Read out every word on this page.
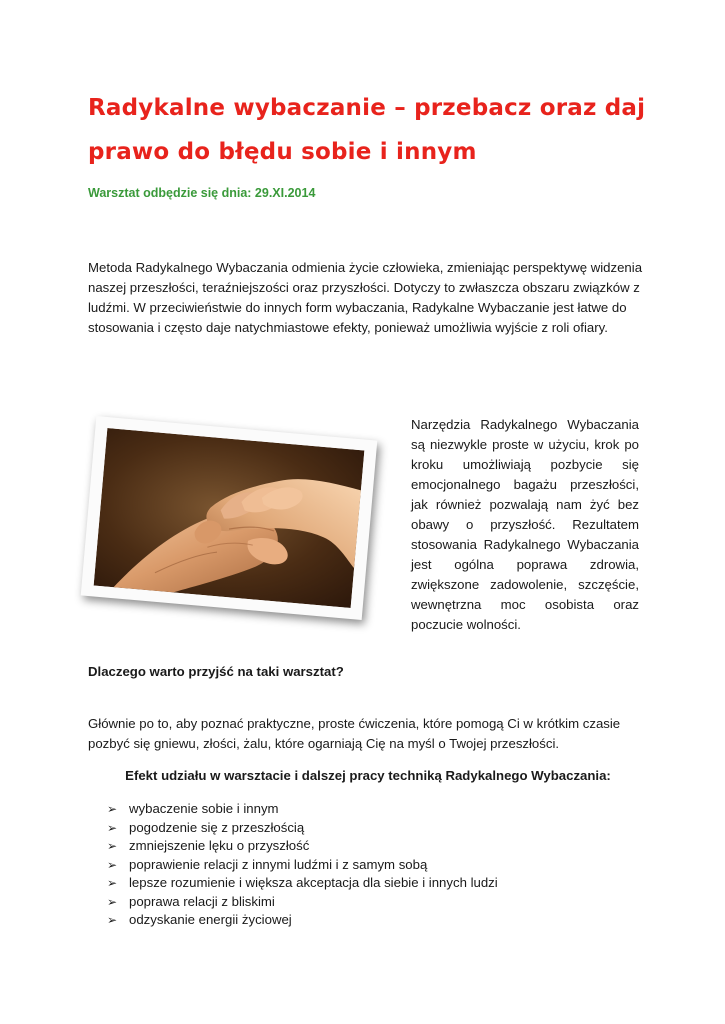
Radykalne wybaczanie – przebacz oraz daj prawo do błędu sobie i innym
Warsztat odbędzie się dnia: 29.XI.2014

Metoda Radykalnego Wybaczania odmienia życie człowieka, zmieniając perspektywę widzenia naszej przeszłości, teraźniejszości oraz przyszłości. Dotyczy to zwłaszcza obszaru związków z ludźmi. W przeciwieństwie do innych form wybaczania, Radykalne Wybaczanie jest łatwe do stosowania i często daje natychmiastowe efekty, ponieważ umożliwia wyjście z roli ofiary.

Narzędzia Radykalnego Wybaczania są niezwykle proste w użyciu, krok po kroku umożliwiają pozbycie się emocjonalnego bagażu przeszłości, jak również pozwalają nam żyć bez obawy o przyszłość. Rezultatem stosowania Radykalnego Wybaczania jest ogólna poprawa zdrowia, zwiększone zadowolenie, szczęście, wewnętrzna moc osobista oraz poczucie wolności.

Dlaczego warto przyjść na taki warsztat?

Głównie po to, aby poznać praktyczne, proste ćwiczenia, które pomogą Ci w krótkim czasie pozbyć się gniewu, złości, żalu, które ogarniają Cię na myśl o Twojej przeszłości.

Efekt udziału w warsztacie i dalszej pracy techniką Radykalnego Wybaczania:
➢ wybaczenie sobie i innym
➢ pogodzenie się z przeszłością
➢ zmniejszenie lęku o przyszłość
➢ poprawienie relacji z innymi ludźmi i z samym sobą
➢ lepsze rozumienie i większa akceptacja dla siebie i innych ludzi
➢ poprawa relacji z bliskimi
➢ odzyskanie energii życiowej
